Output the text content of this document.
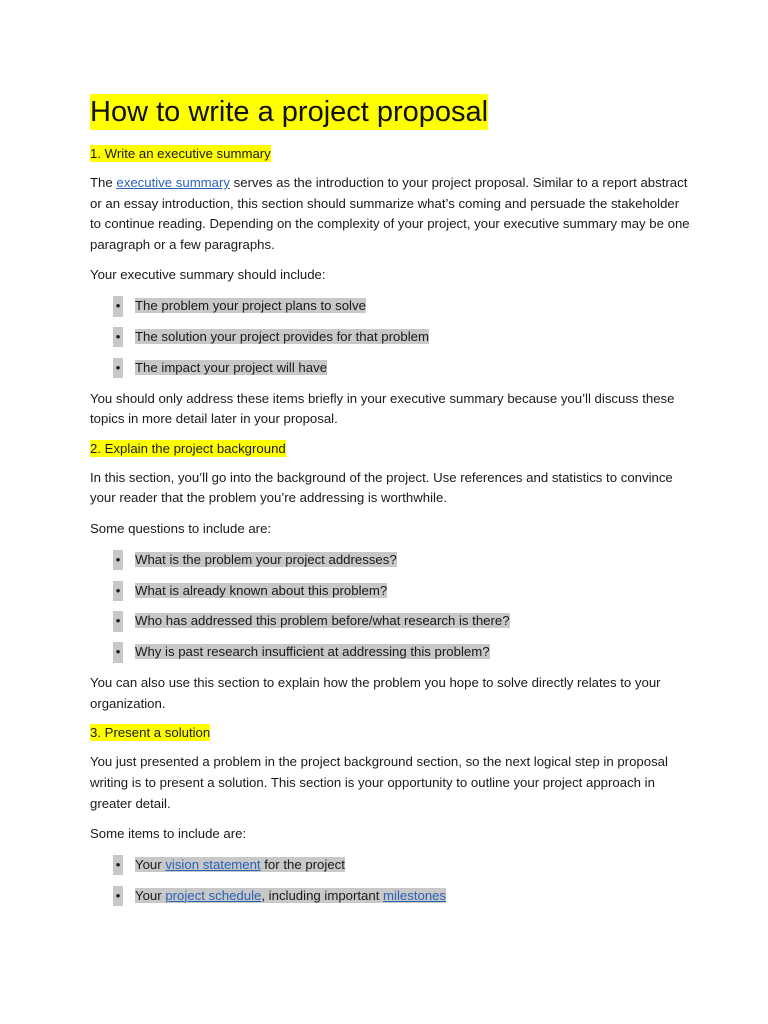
How to write a project proposal
1. Write an executive summary

The executive summary serves as the introduction to your project proposal. Similar to a report abstract or an essay introduction, this section should summarize what’s coming and persuade the stakeholder to continue reading. Depending on the complexity of your project, your executive summary may be one paragraph or a few paragraphs.

Your executive summary should include:

• The problem your project plans to solve
• The solution your project provides for that problem
• The impact your project will have

You should only address these items briefly in your executive summary because you’ll discuss these topics in more detail later in your proposal.

2. Explain the project background

In this section, you’ll go into the background of the project. Use references and statistics to convince your reader that the problem you’re addressing is worthwhile.

Some questions to include are:

• What is the problem your project addresses?
• What is already known about this problem?
• Who has addressed this problem before/what research is there?
• Why is past research insufficient at addressing this problem?

You can also use this section to explain how the problem you hope to solve directly relates to your organization.

3. Present a solution

You just presented a problem in the project background section, so the next logical step in proposal writing is to present a solution. This section is your opportunity to outline your project approach in greater detail.

Some items to include are:

• Your vision statement for the project
• Your project schedule, including important milestones
